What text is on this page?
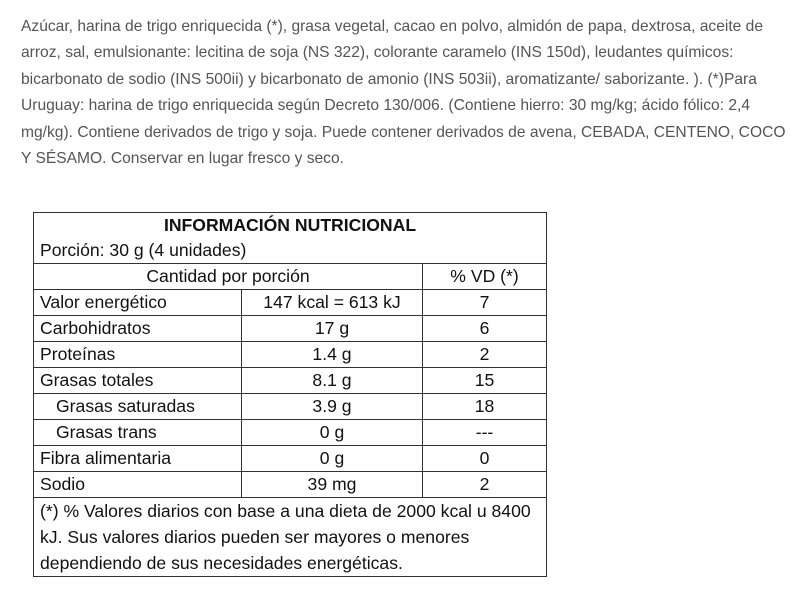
Azúcar, harina de trigo enriquecida (*), grasa vegetal, cacao en polvo, almidón de papa, dextrosa, aceite de arroz, sal, emulsionante: lecitina de soja (NS 322), colorante caramelo (INS 150d), leudantes químicos: bicarbonato de sodio (INS 500ii) y bicarbonato de amonio (INS 503ii), aromatizante/ saborizante. ). (*)Para Uruguay: harina de trigo enriquecida según Decreto 130/006. (Contiene hierro: 30 mg/kg; ácido fólico: 2,4 mg/kg). Contiene derivados de trigo y soja. Puede contener derivados de avena, CEBADA, CENTENO, COCO Y SÉSAMO. Conservar en lugar fresco y seco.

INFORMACIÓN NUTRICIONAL		
Porción: 30 g (4 unidades)		
Cantidad por porción		% VD (*)
Valor energético	147 kcal = 613 kJ	7
Carbohidratos	17 g	6
Proteínas	1.4 g	2
Grasas totales	8.1 g	15
Grasas saturadas	3.9 g	18
Grasas trans	0 g	---
Fibra alimentaria	0 g	0
Sodio	39 mg	2
(*) % Valores diarios con base a una dieta de 2000 kcal u 8400 kJ. Sus valores diarios pueden ser mayores o menores dependiendo de sus necesidades energéticas.		
